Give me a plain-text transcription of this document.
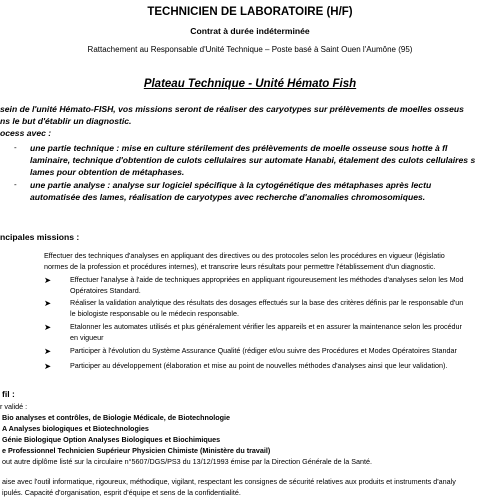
TECHNICIEN DE LABORATOIRE (H/F)
Contrat à durée indéterminée
Rattachement au Responsable d'Unité Technique – Poste basé à Saint Ouen l'Aumône (95)
Plateau Technique - Unité Hémato Fish
sein de l'unité Hémato-FISH, vos missions seront de réaliser des caryotypes sur prélèvements de moelles osseus
ns le but d'établir un diagnostic.
ocess avec :
- une partie technique : mise en culture stérilement des prélèvements de moelle osseuse sous hotte à fl
laminaire, technique d'obtention de culots cellulaires sur automate Hanabi, étalement des culots cellulaires s
lames pour obtention de métaphases.
- une partie analyse : analyse sur logiciel spécifique à la cytogénétique des métaphases après lectu
automatisée des lames, réalisation de caryotypes avec recherche d'anomalies chromosomiques.
ncipales missions :
Effectuer des techniques d'analyses en appliquant des directives ou des protocoles selon les procédures en vigueur (législatio
normes de la profession et procédures internes), et transcrire leurs résultats pour permettre l'établissement d'un diagnostic.
➤	Effectuer l'analyse à l'aide de techniques appropriées en appliquant rigoureusement les méthodes d'analyses selon les Mod
Opératoires Standard.
➤	Réaliser la validation analytique des résultats des dosages effectués sur la base des critères définis par le responsable d'un
le biologiste responsable ou le médecin responsable.
➤	Etalonner les automates utilisés et plus généralement vérifier les appareils et en assurer la maintenance selon les procédur
en vigueur
➤	Participer à l'évolution du Système Assurance Qualité (rédiger et/ou suivre des Procédures et Modes Opératoires Standar
➤	Participer au développement (élaboration et mise au point de nouvelles méthodes d'analyses ainsi que leur validation).
fil :
r validé :
Bio analyses et contrôles, de Biologie Médicale, de Biotechnologie
A Analyses biologiques et Biotechnologies
Génie Biologique Option Analyses Biologiques et Biochimiques
e Professionnel Technicien Supérieur Physicien Chimiste (Ministère du travail)
out autre diplôme listé sur la circulaire n°5607/DGS/PS3 du 13/12/1993 émise par la Direction Générale de la Santé.
aise avec l'outil informatique, rigoureux, méthodique, vigilant, respectant les consignes de sécurité relatives aux produits et instruments d'analy
ipulés. Capacité d'organisation, esprit d'équipe et sens de la confidentialité.
